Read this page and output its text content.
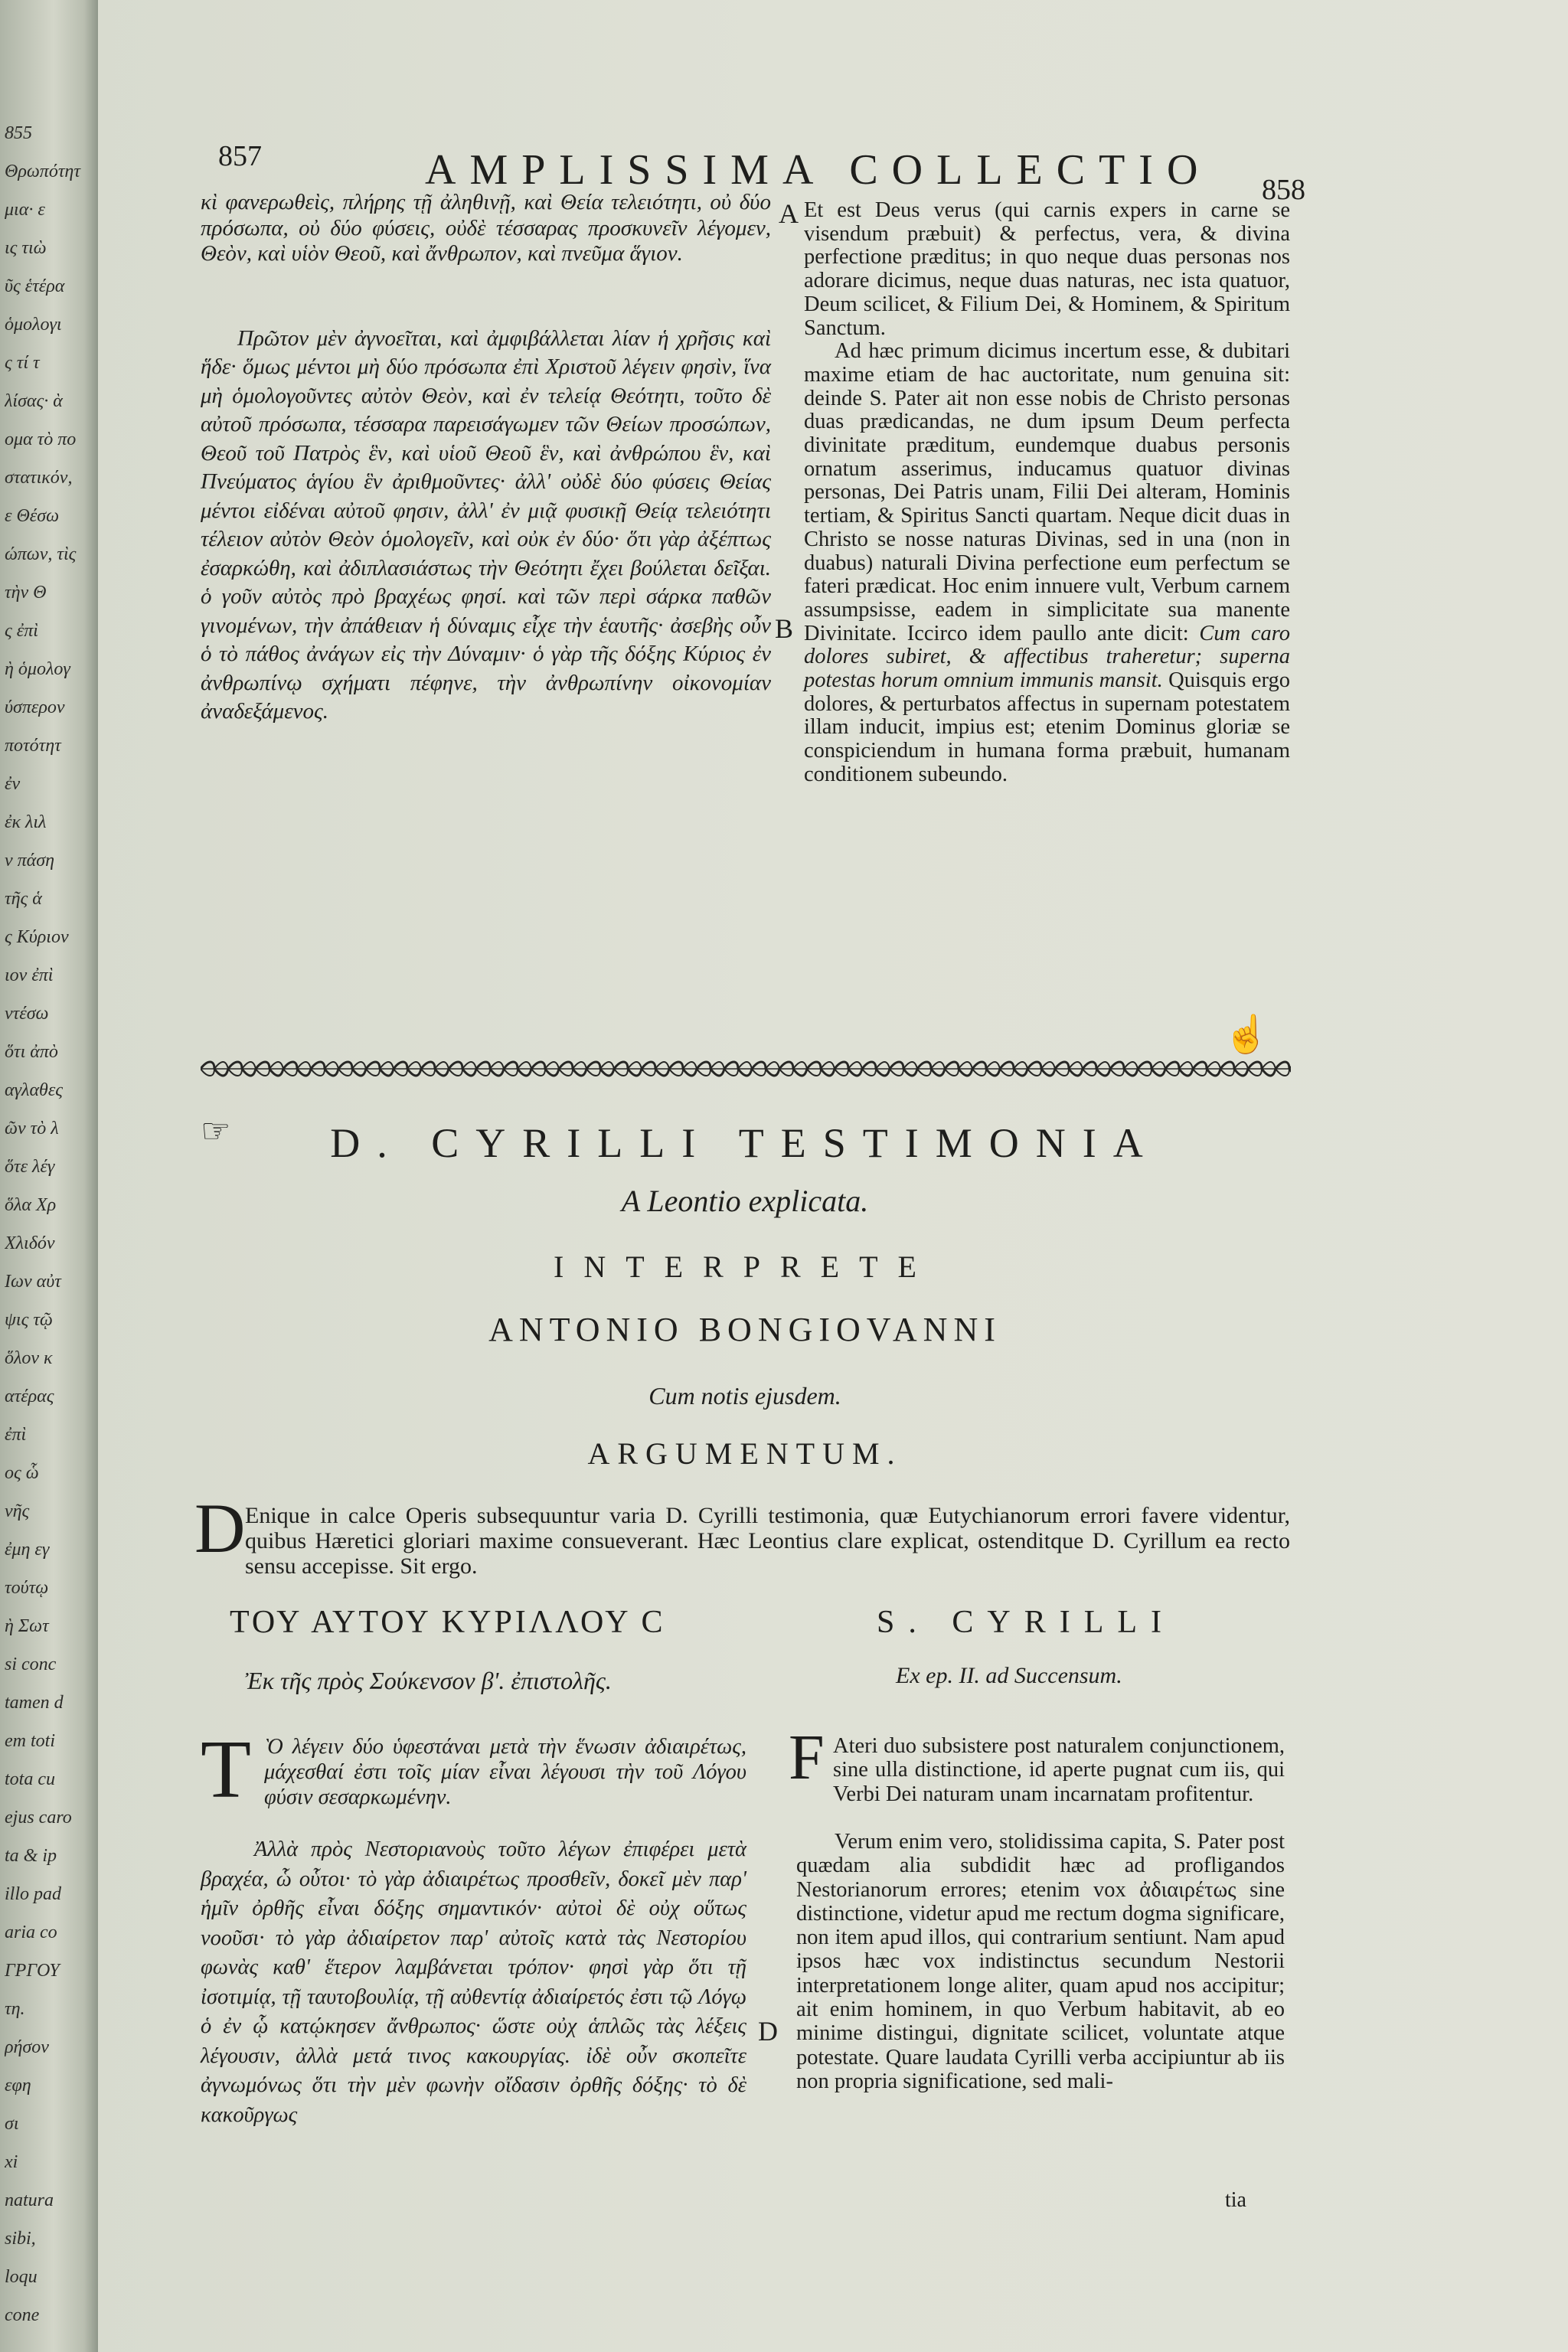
855
Θρωπότητ
μια· ε
ις τιὼ
ῦς ἑτέρα
ὁμολογι
ς τί τ
λίσας· ὰ
ομα τὸ πο
στατικόν,
ε Θέσω
ώπων, τὶς
τὴν Θ
ς ἐπὶ
ὴ ὁμολογ
ύσπερον
ποτότητ
ἐν
ἐκ λιλ
ν πάση
τῆς ἁ
ς Κύριον
ιον ἐπὶ
ντέσω
ὅτι ἀπὸ
αγλαθες
ῶν τὸ λ
ὅτε λέγ
ὅλα Χρ
Χλιδόν
Ιων αὐτ
ψις τῷ
ὅλον κ
ατέρας
ἐπὶ
ος ὧ
νῆς
ἐμη εγ
τούτῳ
ὴ Σωτ
si conc
tamen d
em toti
tota cu
ejus caro
ta & ip
illo pad
aria co
ΓΡΓΟΥ
τη.
ρήσον
εφη
σι
xi
natura
sibi,
loqu
cone
857	AMPLISSIMA COLLECTIO 858

κὶ φανερωθεὶς, πλήρης τῇ ἀληθινῇ, καὶ Θεία τελειότητι, οὐ δύο πρόσωπα, οὐ δύο φύσεις, οὐδὲ τέσσαρας προσκυνεῖν λέγομεν, Θεὸν, καὶ υἱὸν Θεοῦ, καὶ ἄνθρωπον, καὶ πνεῦμα ἅγιον.

Πρῶτον μὲν ἀγνοεῖται, καὶ ἀμφιβάλλεται λίαν ἡ χρῆσις καὶ ἥδε· ὅμως μέντοι μὴ δύο πρόσωπα ἐπὶ Χριστοῦ λέγειν φησὶν, ἵνα μὴ ὁμολογοῦντες αὐτὸν Θεὸν, καὶ ἐν τελείᾳ Θεότητι, τοῦτο δὲ αὐτοῦ πρόσωπα, τέσσαρα παρεισάγωμεν τῶν Θείων προσώπων, Θεοῦ τοῦ Πατρὸς ἓν, καὶ υἱοῦ Θεοῦ ἓν, καὶ ἀνθρώπου ἓν, καὶ Πνεύματος ἁγίου ἓν ἀριθμοῦντες· ἀλλ' οὐδὲ δύο φύσεις Θείας μέντοι εἰδέναι αὐτοῦ φησιν, ἀλλ' ἐν μιᾷ φυσικῇ Θείᾳ τελειότητι τέλειον αὐτὸν Θεὸν ὁμολογεῖν, καὶ οὐκ ἐν δύο· ὅτι γὰρ ἀξέπτως ἐσαρκώθη, καὶ ἀδιπλασιάστως τὴν Θεότητι ἔχει βούλεται δεῖξαι. ὁ γοῦν αὐτὸς πρὸ βραχέως φησί. καὶ τῶν περὶ σάρκα παθῶν γινομένων, τὴν ἀπάθειαν ἡ δύναμις εἶχε τὴν ἑαυτῆς· ἀσεβὴς οὖν ὁ τὸ πάθος ἀνάγων εἰς τὴν Δύναμιν· ὁ γὰρ τῆς δόξης Κύριος ἐν ἀνθρωπίνῳ σχήματι πέφηνε, τὴν ἀνθρωπίνην οἰκονομίαν ἀναδεξάμενος.

A
B

Et est Deus verus (qui carnis expers in carne se visendum præbuit) & perfectus, vera, & divina perfectione præditus; in quo neque duas personas nos adorare dicimus, neque duas naturas, nec ista quatuor, Deum scilicet, & Filium Dei, & Hominem, & Spiritum Sanctum.

Ad hæc primum dicimus incertum esse, & dubitari maxime etiam de hac auctoritate, num genuina sit: deinde S. Pater ait non esse nobis de Christo personas duas prædicandas, ne dum ipsum Deum perfecta divinitate præditum, eundemque duabus personis ornatum asserimus, inducamus quatuor divinas personas, Dei Patris unam, Filii Dei alteram, Hominis tertiam, & Spiritus Sancti quartam. Neque dicit duas in Christo se nosse naturas Divinas, sed in una (non in duabus) naturali Divina perfectione eum perfectum se fateri prædicat. Hoc enim innuere vult, Verbum carnem assumpsisse, eadem in simplicitate sua manente Divinitate. Iccirco idem paullo ante dicit: Cum caro dolores subiret, & affectibus traheretur; superna potestas horum omnium immunis mansit. Quisquis ergo dolores, & perturbatos affectus in supernam potestatem illam inducit, impius est; etenim Dominus gloriæ se conspiciendum in humana forma præbuit, humanam conditionem subeundo.

☝
☞	D. CYRILLI TESTIMONIA
A Leontio explicata.
INTERPRETE
ANTONIO BONGIOVANNI
Cum notis ejusdem.
ARGUMENTUM.
D Enique in calce Operis subsequuntur varia D. Cyrilli testimonia, quæ Eutychianorum errori favere videntur, quibus Hæretici gloriari maxime consueverant. Hæc Leontius clare explicat, ostenditque D. Cyrillum ea recto sensu accepisse. Sit ergo.
ΤΟΥ ΑΥΤΟΥ ΚΥΡΙΛΛΟΥ C	S. CYRILLI
Ἐκ τῆς πρὸς Σούκενσον β'. ἐπιστολῆς.	Ex ep. II. ad Succensum.
Τ Ὸ λέγειν δύο ὑφεστάναι μετὰ τὴν ἕνωσιν ἀδιαιρέτως, μάχεσθαί ἐστι τοῖς μίαν εἶναι λέγουσι τὴν τοῦ Λόγου φύσιν σεσαρκωμένην.

Ἀλλὰ πρὸς Νεστοριανοὺς τοῦτο λέγων ἐπιφέρει μετὰ βραχέα, ὧ οὗτοι· τὸ γὰρ ἀδιαιρέτως προσθεῖν, δοκεῖ μὲν παρ' ἡμῖν ὀρθῆς εἶναι δόξης σημαντικόν· αὐτοὶ δὲ οὐχ οὕτως νοοῦσι· τὸ γὰρ ἀδιαίρετον παρ' αὐτοῖς κατὰ τὰς Νεστορίου φωνὰς καθ' ἕτερον λαμβάνεται τρόπον· φησὶ γὰρ ὅτι τῇ ἰσοτιμίᾳ, τῇ ταυτοβουλίᾳ, τῇ αὐθεντίᾳ ἀδιαίρετός ἐστι τῷ Λόγῳ ὁ ἐν ᾧ κατῴκησεν ἄνθρωπος· ὥστε οὐχ ἁπλῶς τὰς λέξεις λέγουσιν, ἀλλὰ μετά τινος κακουργίας. ἰδὲ οὖν σκοπεῖτε ἀγνωμόνως ὅτι τὴν μὲν φωνὴν οἴδασιν ὀρθῆς δόξης· τὸ δὲ κακοῦργως

D
F Ateri duo subsistere post naturalem conjunctionem, sine ulla distinctione, id aperte pugnat cum iis, qui Verbi Dei naturam unam incarnatam profitentur.

Verum enim vero, stolidissima capita, S. Pater post quædam alia subdidit hæc ad profligandos Nestorianorum errores; etenim vox ἀδιαιρέτως sine distinctione, videtur apud me rectum dogma significare, non item apud illos, qui contrarium sentiunt. Nam apud ipsos hæc vox indistinctus secundum Nestorii interpretationem longe aliter, quam apud nos accipitur; ait enim hominem, in quo Verbum habitavit, ab eo minime distingui, dignitate scilicet, voluntate atque potestate. Quare laudata Cyrilli verba accipiuntur ab iis non propria significatione, sed mali-

tia
